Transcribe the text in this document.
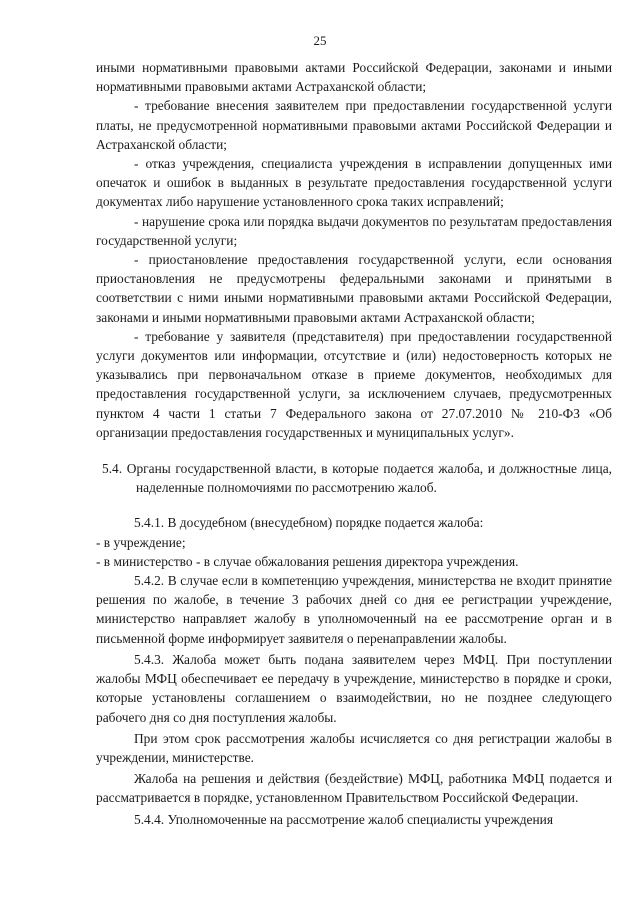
25

иными нормативными правовыми актами Российской Федерации, законами и иными нормативными правовыми актами Астраханской области;

- требование внесения заявителем при предоставлении государственной услуги платы, не предусмотренной нормативными правовыми актами Российской Федерации и Астраханской области;

- отказ учреждения, специалиста учреждения в исправлении допущенных ими опечаток и ошибок в выданных в результате предоставления государственной услуги документах либо нарушение установленного срока таких исправлений;

- нарушение срока или порядка выдачи документов по результатам предоставления государственной услуги;

- приостановление предоставления государственной услуги, если основания приостановления не предусмотрены федеральными законами и принятыми в соответствии с ними иными нормативными правовыми актами Российской Федерации, законами и иными нормативными правовыми актами Астраханской области;

- требование у заявителя (представителя) при предоставлении государственной услуги документов или информации, отсутствие и (или) недостоверность которых не указывались при первоначальном отказе в приеме документов, необходимых для предоставления государственной услуги, за исключением случаев, предусмотренных пунктом 4 части 1 статьи 7 Федерального закона от 27.07.2010 № 210-ФЗ «Об организации предоставления государственных и муниципальных услуг».

5.4. Органы государственной власти, в которые подается жалоба, и должностные лица, наделенные полномочиями по рассмотрению жалоб.

5.4.1. В досудебном (внесудебном) порядке подается жалоба:

- в учреждение;

- в министерство - в случае обжалования решения директора учреждения.

5.4.2. В случае если в компетенцию учреждения, министерства не входит принятие решения по жалобе, в течение 3 рабочих дней со дня ее регистрации учреждение, министерство направляет жалобу в уполномоченный на ее рассмотрение орган и в письменной форме информирует заявителя о перенаправлении жалобы.

5.4.3. Жалоба может быть подана заявителем через МФЦ. При поступлении жалобы МФЦ обеспечивает ее передачу в учреждение, министерство в порядке и сроки, которые установлены соглашением о взаимодействии, но не позднее следующего рабочего дня со дня поступления жалобы.

При этом срок рассмотрения жалобы исчисляется со дня регистрации жалобы в учреждении, министерстве.

Жалоба на решения и действия (бездействие) МФЦ, работника МФЦ подается и рассматривается в порядке, установленном Правительством Российской Федерации.

5.4.4. Уполномоченные на рассмотрение жалоб специалисты учреждения
